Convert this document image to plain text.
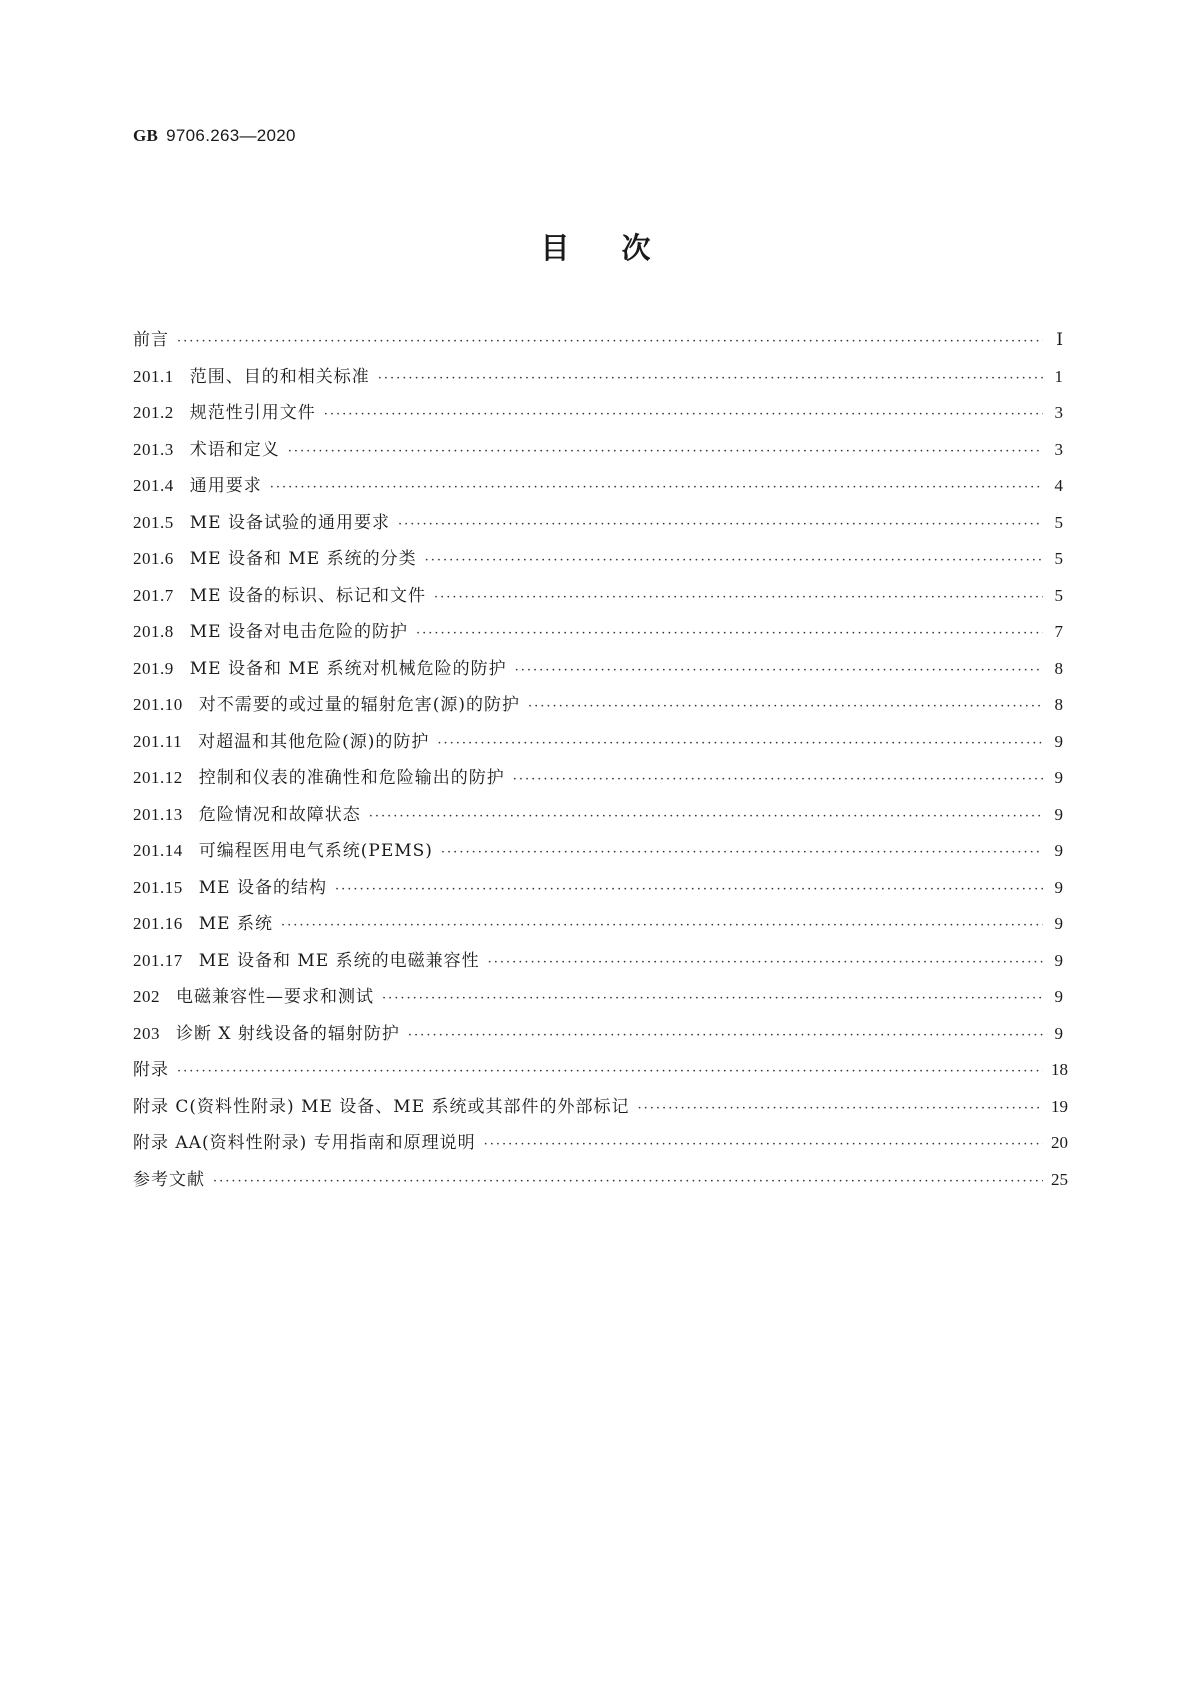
GB 9706.263—2020
目次
前言 ·····	Ⅰ
201.1 范围、目的和相关标准 ·····	1
201.2 规范性引用文件 ·····	3
201.3 术语和定义 ·····	3
201.4 通用要求 ·····	4
201.5 ME 设备试验的通用要求 ·····	5
201.6 ME 设备和 ME 系统的分类 ·····	5
201.7 ME 设备的标识、标记和文件 ·····	5
201.8 ME 设备对电击危险的防护 ·····	7
201.9 ME 设备和 ME 系统对机械危险的防护 ·····	8
201.10 对不需要的或过量的辐射危害(源)的防护 ·····	8
201.11 对超温和其他危险(源)的防护 ·····	9
201.12 控制和仪表的准确性和危险输出的防护 ·····	9
201.13 危险情况和故障状态 ·····	9
201.14 可编程医用电气系统(PEMS) ·····	9
201.15 ME 设备的结构 ·····	9
201.16 ME 系统 ·····	9
201.17 ME 设备和 ME 系统的电磁兼容性 ·····	9
202 电磁兼容性—要求和测试 ·····	9
203 诊断 X 射线设备的辐射防护 ·····	9
附录 ·····	18
附录 C(资料性附录) ME 设备、ME 系统或其部件的外部标记 ·····	19
附录 AA(资料性附录) 专用指南和原理说明 ·····	20
参考文献 ·····	25
